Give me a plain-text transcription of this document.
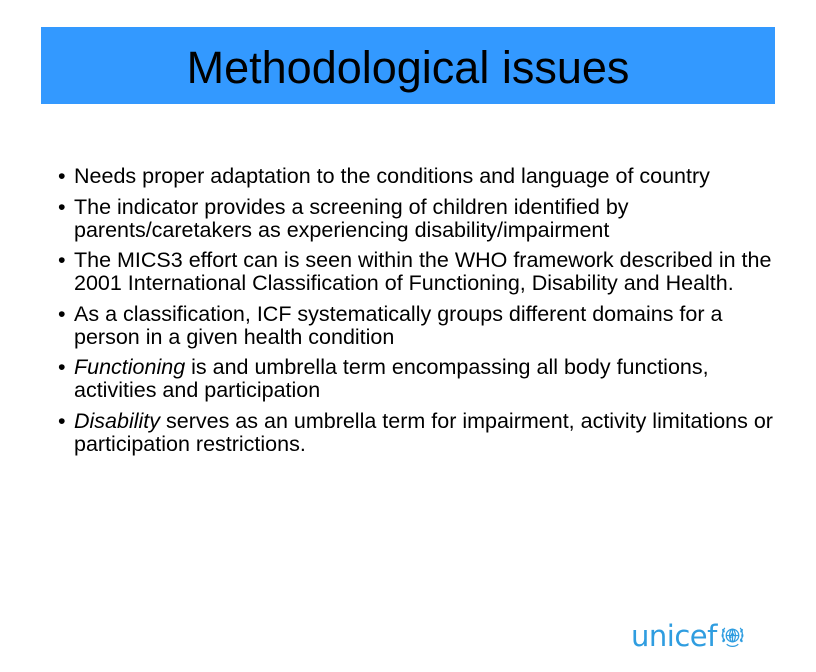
Methodological issues
• Needs proper adaptation to the conditions and language of country
• The indicator provides a screening of children identified by parents/caretakers as experiencing disability/impairment
• The MICS3 effort can is seen within the WHO framework described in the 2001 International Classification of Functioning, Disability and Health.
• As a classification, ICF systematically groups different domains for a person in a given health condition
• Functioning is and umbrella term encompassing all body functions, activities and participation
• Disability serves as an umbrella term for impairment, activity limitations or participation restrictions.
unicef
